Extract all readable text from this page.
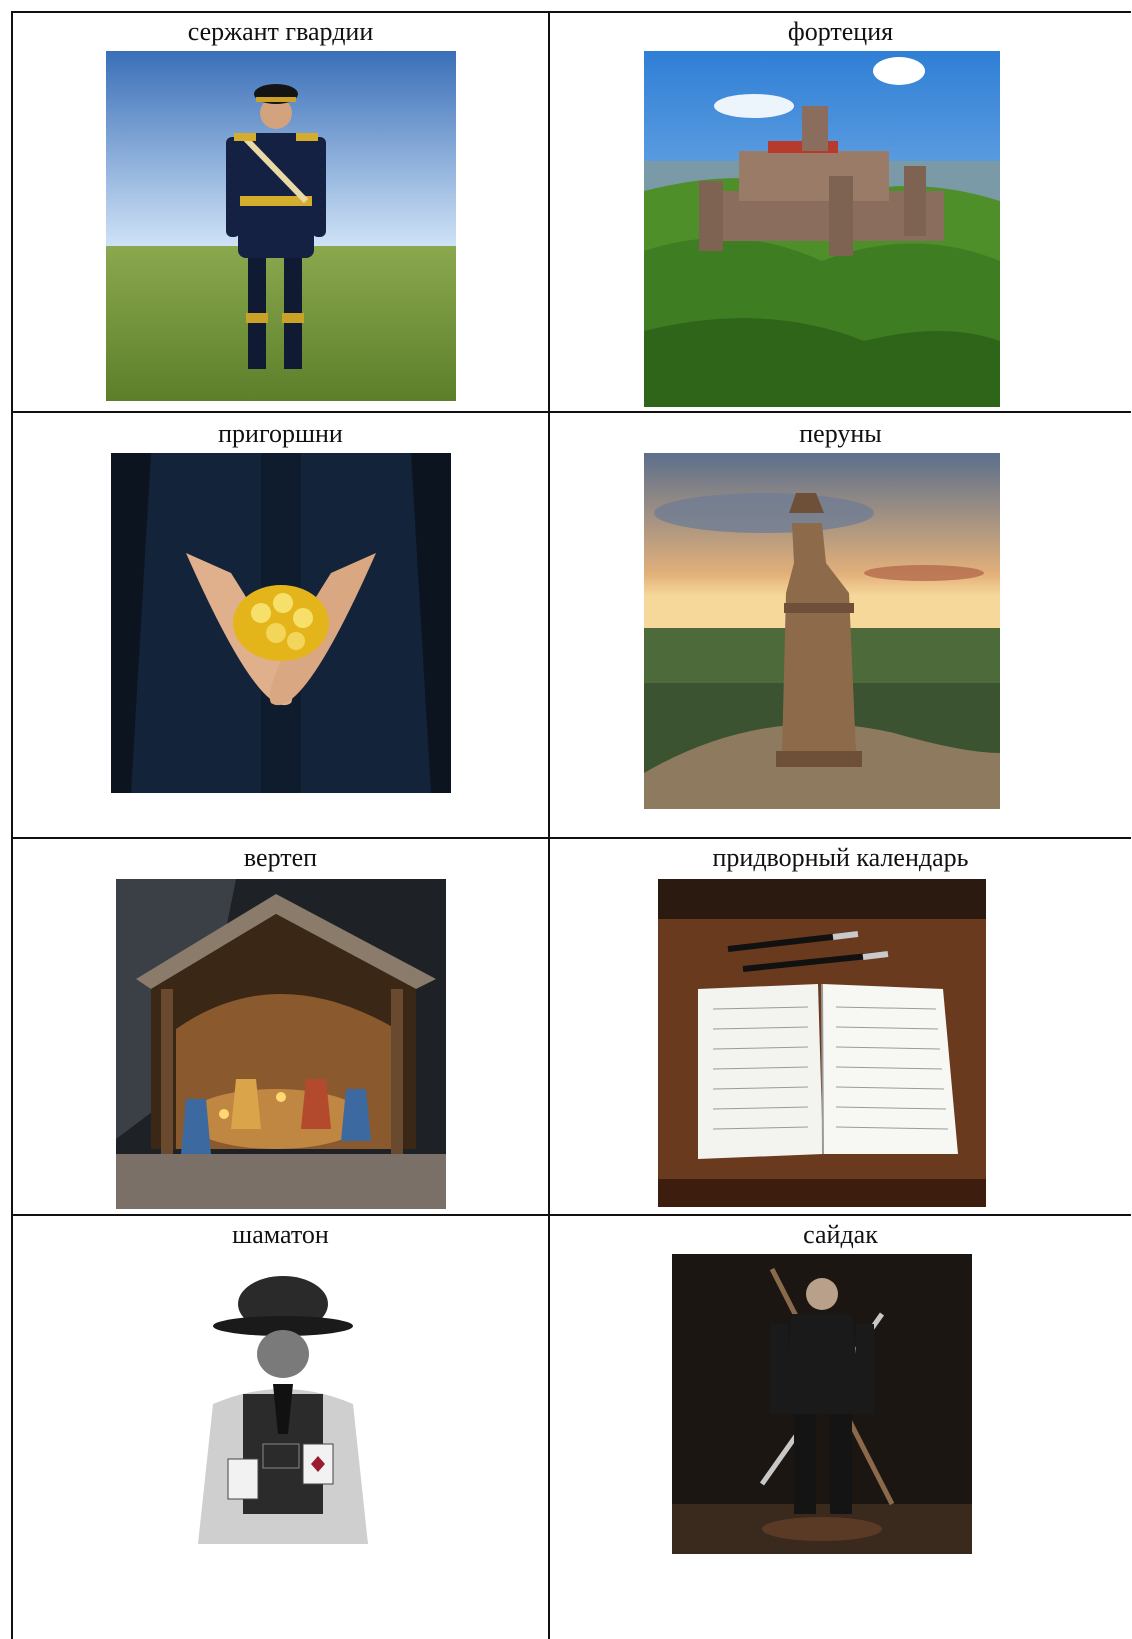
сержант гвардии	фортеция
пригоршни	перуны
вертеп	придворный календарь
шаматон	сайдак
